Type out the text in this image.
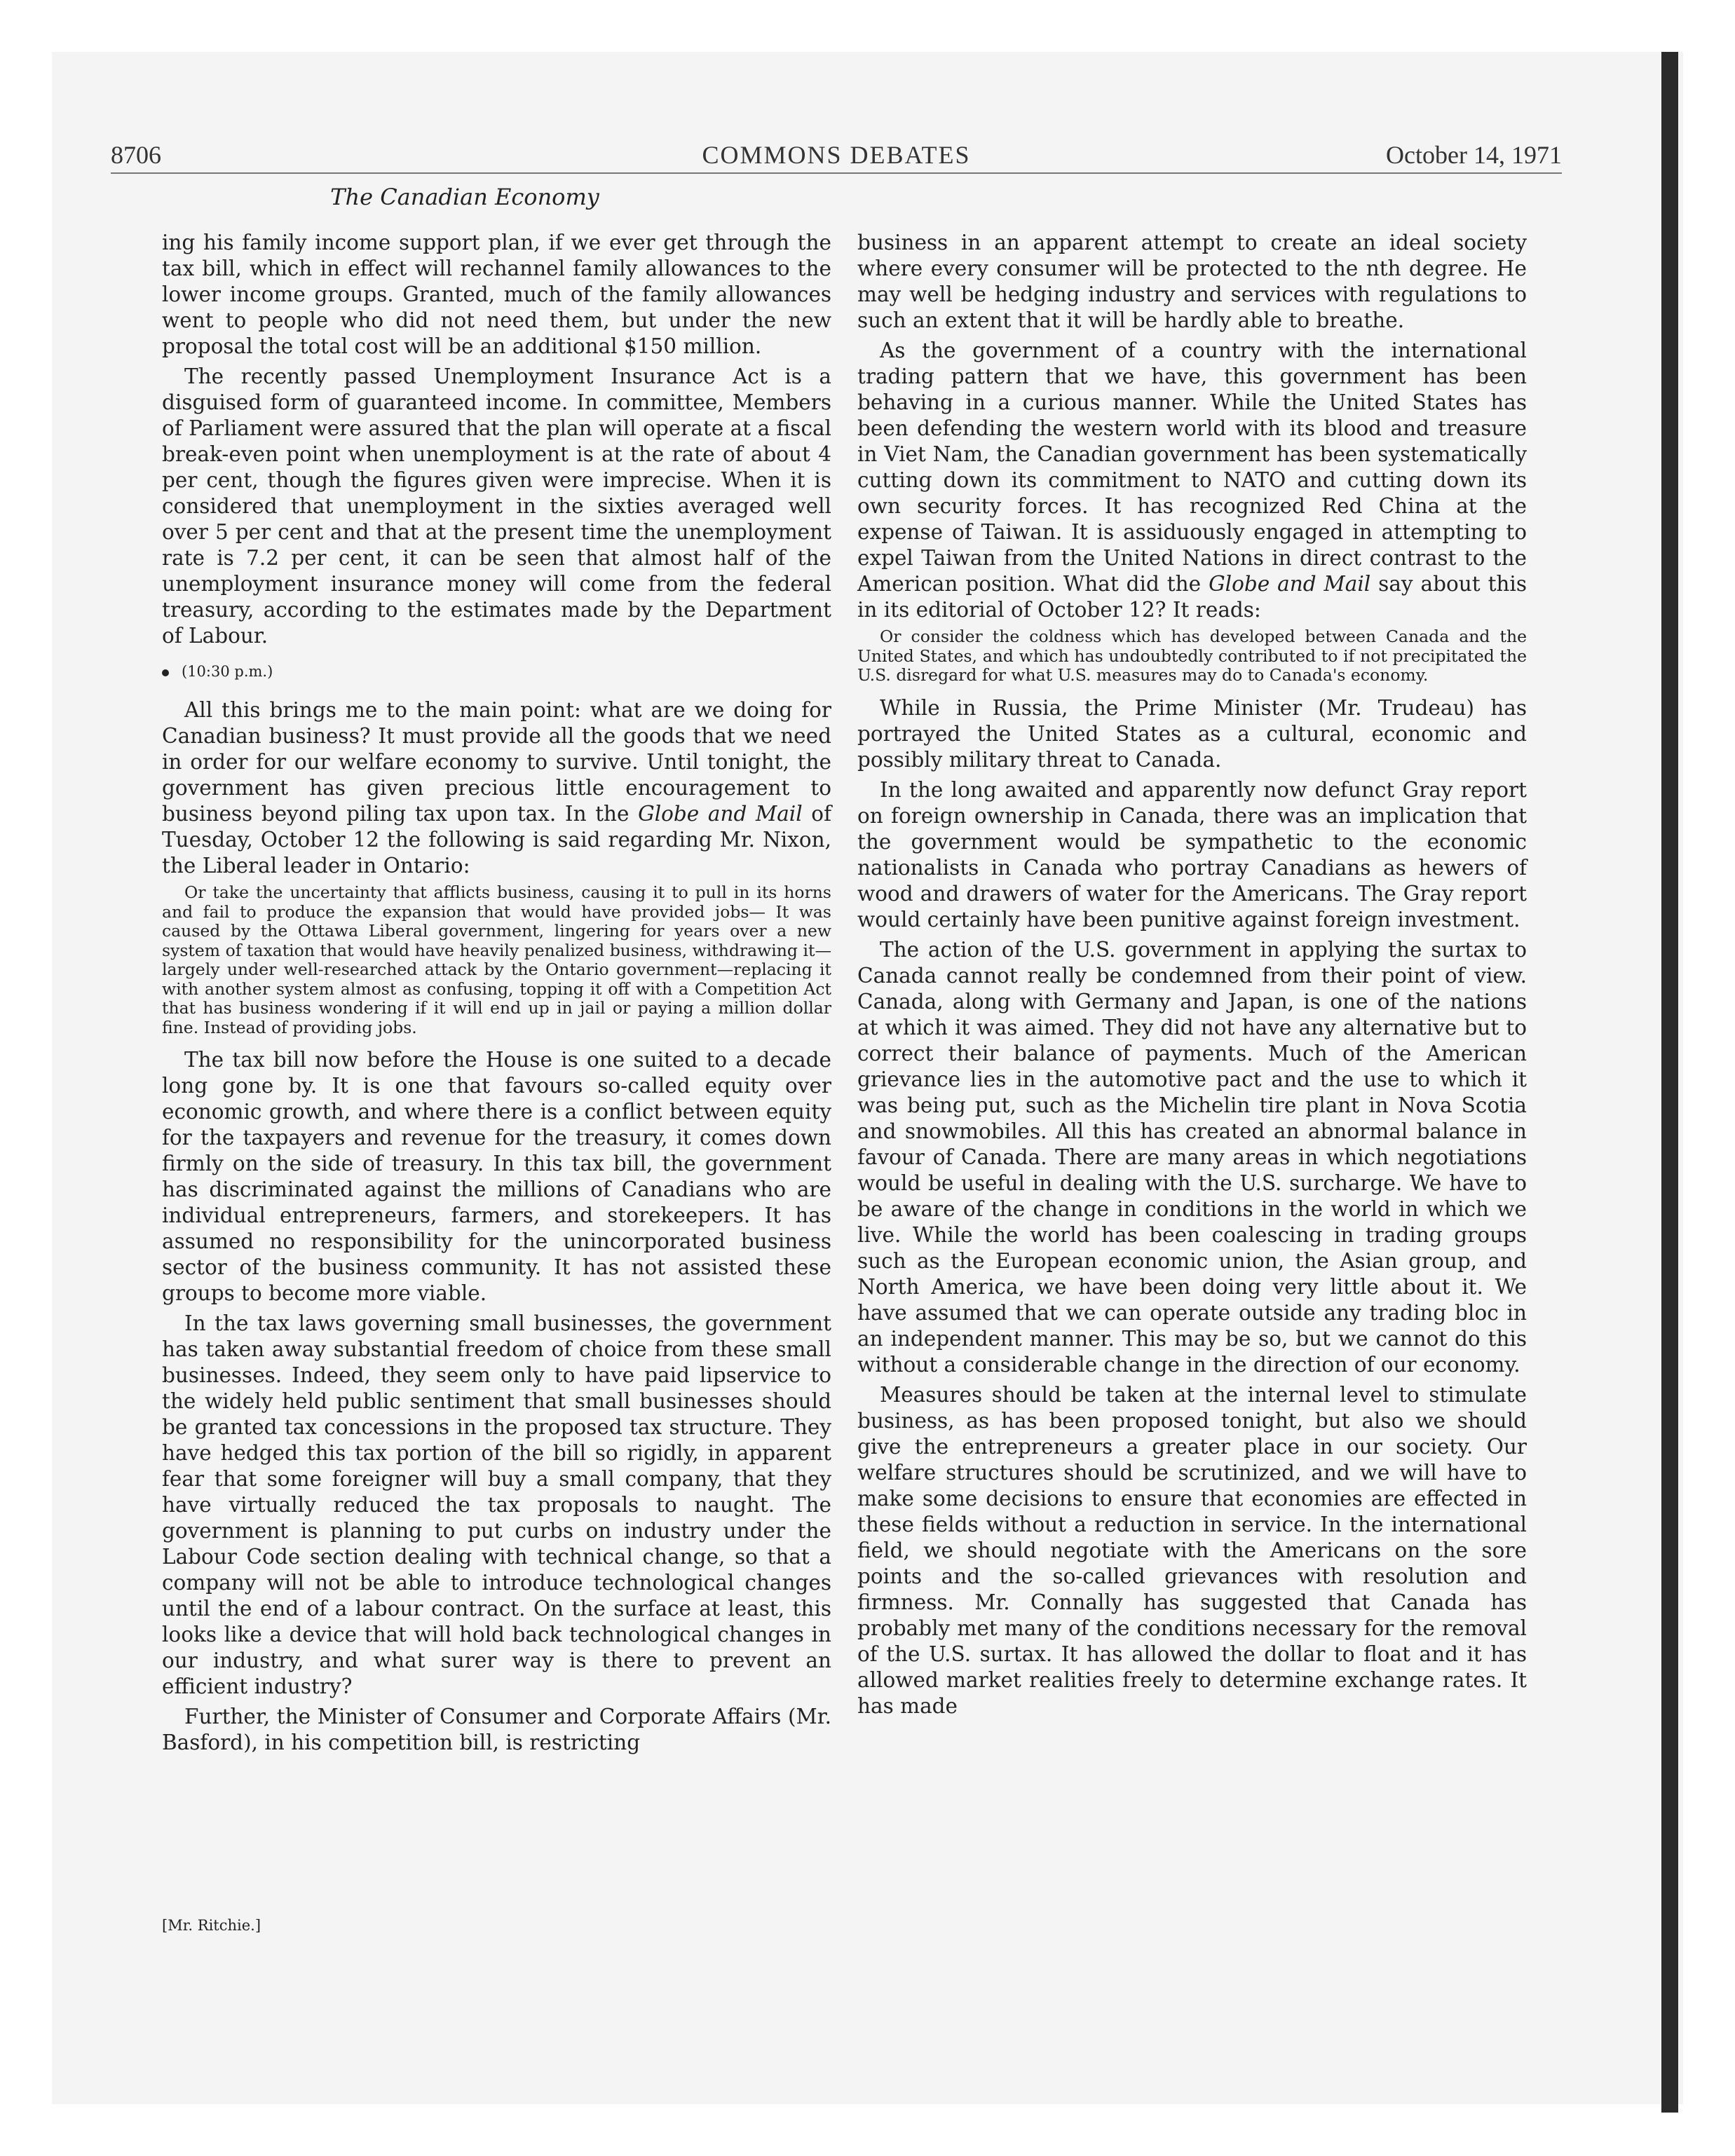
8706	COMMONS DEBATES	October 14, 1971
The Canadian Economy

ing his family income support plan, if we ever get through the tax bill, which in effect will rechannel family allowances to the lower income groups. Granted, much of the family allowances went to people who did not need them, but under the new proposal the total cost will be an additional $150 million.

The recently passed Unemployment Insurance Act is a disguised form of guaranteed income. In committee, Members of Parliament were assured that the plan will operate at a fiscal break-even point when unemployment is at the rate of about 4 per cent, though the figures given were imprecise. When it is considered that unemployment in the sixties averaged well over 5 per cent and that at the present time the unemployment rate is 7.2 per cent, it can be seen that almost half of the unemployment insurance money will come from the federal treasury, according to the estimates made by the Department of Labour.

(10:30 p.m.)

All this brings me to the main point: what are we doing for Canadian business? It must provide all the goods that we need in order for our welfare economy to survive. Until tonight, the government has given precious little encouragement to business beyond piling tax upon tax. In the Globe and Mail of Tuesday, October 12 the following is said regarding Mr. Nixon, the Liberal leader in Ontario:

Or take the uncertainty that afflicts business, causing it to pull in its horns and fail to produce the expansion that would have provided jobs— It was caused by the Ottawa Liberal government, lingering for years over a new system of taxation that would have heavily penalized business, withdrawing it—largely under well-researched attack by the Ontario government—replacing it with another system almost as confusing, topping it off with a Competition Act that has business wondering if it will end up in jail or paying a million dollar fine. Instead of providing jobs.

The tax bill now before the House is one suited to a decade long gone by. It is one that favours so-called equity over economic growth, and where there is a conflict between equity for the taxpayers and revenue for the treasury, it comes down firmly on the side of treasury. In this tax bill, the government has discriminated against the millions of Canadians who are individual entrepreneurs, farmers, and storekeepers. It has assumed no responsibility for the unincorporated business sector of the business community. It has not assisted these groups to become more viable.

In the tax laws governing small businesses, the government has taken away substantial freedom of choice from these small businesses. Indeed, they seem only to have paid lipservice to the widely held public sentiment that small businesses should be granted tax concessions in the proposed tax structure. They have hedged this tax portion of the bill so rigidly, in apparent fear that some foreigner will buy a small company, that they have virtually reduced the tax proposals to naught. The government is planning to put curbs on industry under the Labour Code section dealing with technical change, so that a company will not be able to introduce technological changes until the end of a labour contract. On the surface at least, this looks like a device that will hold back technological changes in our industry, and what surer way is there to prevent an efficient industry?

Further, the Minister of Consumer and Corporate Affairs (Mr. Basford), in his competition bill, is restricting

business in an apparent attempt to create an ideal society where every consumer will be protected to the nth degree. He may well be hedging industry and services with regulations to such an extent that it will be hardly able to breathe.

As the government of a country with the international trading pattern that we have, this government has been behaving in a curious manner. While the United States has been defending the western world with its blood and treasure in Viet Nam, the Canadian government has been systematically cutting down its commitment to NATO and cutting down its own security forces. It has recognized Red China at the expense of Taiwan. It is assiduously engaged in attempting to expel Taiwan from the United Nations in direct contrast to the American position. What did the Globe and Mail say about this in its editorial of October 12? It reads:

Or consider the coldness which has developed between Canada and the United States, and which has undoubtedly contributed to if not precipitated the U.S. disregard for what U.S. measures may do to Canada's economy.

While in Russia, the Prime Minister (Mr. Trudeau) has portrayed the United States as a cultural, economic and possibly military threat to Canada.

In the long awaited and apparently now defunct Gray report on foreign ownership in Canada, there was an implication that the government would be sympathetic to the economic nationalists in Canada who portray Canadians as hewers of wood and drawers of water for the Americans. The Gray report would certainly have been punitive against foreign investment.

The action of the U.S. government in applying the surtax to Canada cannot really be condemned from their point of view. Canada, along with Germany and Japan, is one of the nations at which it was aimed. They did not have any alternative but to correct their balance of payments. Much of the American grievance lies in the automotive pact and the use to which it was being put, such as the Michelin tire plant in Nova Scotia and snowmobiles. All this has created an abnormal balance in favour of Canada. There are many areas in which negotiations would be useful in dealing with the U.S. surcharge. We have to be aware of the change in conditions in the world in which we live. While the world has been coalescing in trading groups such as the European economic union, the Asian group, and North America, we have been doing very little about it. We have assumed that we can operate outside any trading bloc in an independent manner. This may be so, but we cannot do this without a considerable change in the direction of our economy.

Measures should be taken at the internal level to stimulate business, as has been proposed tonight, but also we should give the entrepreneurs a greater place in our society. Our welfare structures should be scrutinized, and we will have to make some decisions to ensure that economies are effected in these fields without a reduction in service. In the international field, we should negotiate with the Americans on the sore points and the so-called grievances with resolution and firmness. Mr. Connally has suggested that Canada has probably met many of the conditions necessary for the removal of the U.S. surtax. It has allowed the dollar to float and it has allowed market realities freely to determine exchange rates. It has made

[Mr. Ritchie.]
